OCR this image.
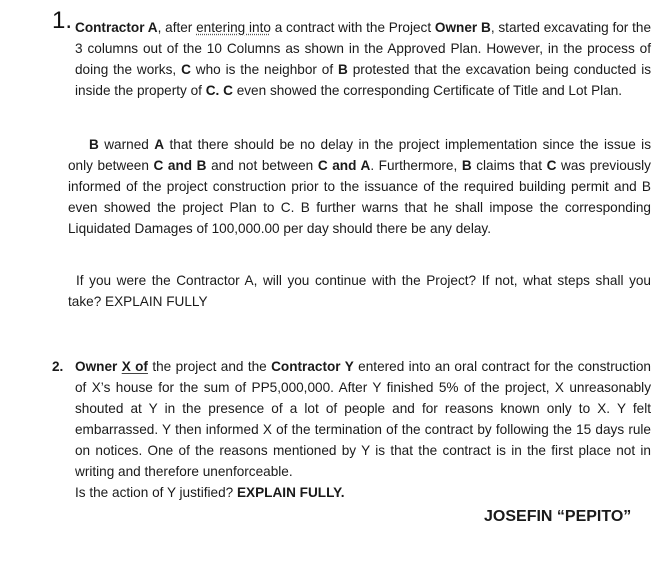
1. Contractor A, after entering into a contract with the Project Owner B, started excavating for the 3 columns out of the 10 Columns as shown in the Approved Plan. However, in the process of doing the works, C who is the neighbor of B protested that the excavation being conducted is inside the property of C. C even showed the corresponding Certificate of Title and Lot Plan.

B warned A that there should be no delay in the project implementation since the issue is only between C and B and not between C and A. Furthermore, B claims that C was previously informed of the project construction prior to the issuance of the required building permit and B even showed the project Plan to C. B further warns that he shall impose the corresponding Liquidated Damages of 100,000.00 per day should there be any delay.

If you were the Contractor A, will you continue with the Project? If not, what steps shall you take? EXPLAIN FULLY

2. Owner X of the project and the Contractor Y entered into an oral contract for the construction of X’s house for the sum of PP5,000,000. After Y finished 5% of the project, X unreasonably shouted at Y in the presence of a lot of people and for reasons known only to X. Y felt embarrassed. Y then informed X of the termination of the contract by following the 15 days rule on notices. One of the reasons mentioned by Y is that the contract is in the first place not in writing and therefore unenforceable.
Is the action of Y justified? EXPLAIN FULLY.

JOSEFIN “PEPITO”
